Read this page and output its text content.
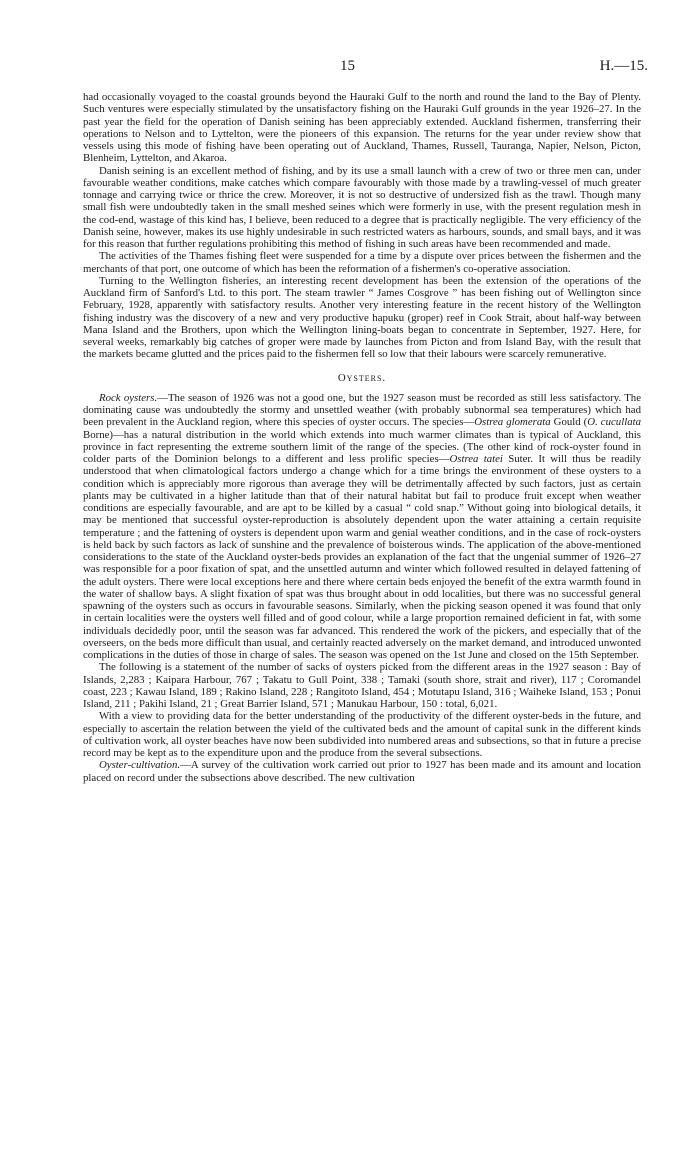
15	H.—15.

had occasionally voyaged to the coastal grounds beyond the Hauraki Gulf to the north and round the land to the Bay of Plenty. Such ventures were especially stimulated by the unsatisfactory fishing on the Hauraki Gulf grounds in the year 1926–27. In the past year the field for the operation of Danish seining has been appreciably extended. Auckland fishermen, transferring their operations to Nelson and to Lyttelton, were the pioneers of this expansion. The returns for the year under review show that vessels using this mode of fishing have been operating out of Auckland, Thames, Russell, Tauranga, Napier, Nelson, Picton, Blenheim, Lyttelton, and Akaroa.

Danish seining is an excellent method of fishing, and by its use a small launch with a crew of two or three men can, under favourable weather conditions, make catches which compare favourably with those made by a trawling-vessel of much greater tonnage and carrying twice or thrice the crew. Moreover, it is not so destructive of undersized fish as the trawl. Though many small fish were undoubtedly taken in the small meshed seines which were formerly in use, with the present regulation mesh in the cod-end, wastage of this kind has, I believe, been reduced to a degree that is practically negligible. The very efficiency of the Danish seine, however, makes its use highly undesirable in such restricted waters as harbours, sounds, and small bays, and it was for this reason that further regulations prohibiting this method of fishing in such areas have been recommended and made.

The activities of the Thames fishing fleet were suspended for a time by a dispute over prices between the fishermen and the merchants of that port, one outcome of which has been the reformation of a fishermen's co-operative association.

Turning to the Wellington fisheries, an interesting recent development has been the extension of the operations of the Auckland firm of Sanford's Ltd. to this port. The steam trawler “ James Cosgrove ” has been fishing out of Wellington since February, 1928, apparently with satisfactory results. Another very interesting feature in the recent history of the Wellington fishing industry was the discovery of a new and very productive hapuku (groper) reef in Cook Strait, about half-way between Mana Island and the Brothers, upon which the Wellington lining-boats began to concentrate in September, 1927. Here, for several weeks, remarkably big catches of groper were made by launches from Picton and from Island Bay, with the result that the markets became glutted and the prices paid to the fishermen fell so low that their labours were scarcely remunerative.

Oysters.

Rock oysters.—The season of 1926 was not a good one, but the 1927 season must be recorded as still less satisfactory. The dominating cause was undoubtedly the stormy and unsettled weather (with probably subnormal sea temperatures) which had been prevalent in the Auckland region, where this species of oyster occurs. The species—Ostrea glomerata Gould (O. cucullata Borne)—has a natural distribution in the world which extends into much warmer climates than is typical of Auckland, this province in fact representing the extreme southern limit of the range of the species. (The other kind of rock-oyster found in colder parts of the Dominion belongs to a different and less prolific species—Ostrea tatei Suter. It will thus be readily understood that when climatological factors undergo a change which for a time brings the environment of these oysters to a condition which is appreciably more rigorous than average they will be detrimentally affected by such factors, just as certain plants may be cultivated in a higher latitude than that of their natural habitat but fail to produce fruit except when weather conditions are especially favourable, and are apt to be killed by a casual “ cold snap.” Without going into biological details, it may be mentioned that successful oyster-reproduction is absolutely dependent upon the water attaining a certain requisite temperature ; and the fattening of oysters is dependent upon warm and genial weather conditions, and in the case of rock-oysters is held back by such factors as lack of sunshine and the prevalence of boisterous winds. The application of the above-mentioned considerations to the state of the Auckland oyster-beds provides an explanation of the fact that the ungenial summer of 1926–27 was responsible for a poor fixation of spat, and the unsettled autumn and winter which followed resulted in delayed fattening of the adult oysters. There were local exceptions here and there where certain beds enjoyed the benefit of the extra warmth found in the water of shallow bays. A slight fixation of spat was thus brought about in odd localities, but there was no successful general spawning of the oysters such as occurs in favourable seasons. Similarly, when the picking season opened it was found that only in certain localities were the oysters well filled and of good colour, while a large proportion remained deficient in fat, with some individuals decidedly poor, until the season was far advanced. This rendered the work of the pickers, and especially that of the overseers, on the beds more difficult than usual, and certainly reacted adversely on the market demand, and introduced unwonted complications in the duties of those in charge of sales. The season was opened on the 1st June and closed on the 15th September.

The following is a statement of the number of sacks of oysters picked from the different areas in the 1927 season : Bay of Islands, 2,283 ; Kaipara Harbour, 767 ; Takatu to Gull Point, 338 ; Tamaki (south shore, strait and river), 117 ; Coromandel coast, 223 ; Kawau Island, 189 ; Rakino Island, 228 ; Rangitoto Island, 454 ; Motutapu Island, 316 ; Waiheke Island, 153 ; Ponui Island, 211 ; Pakihi Island, 21 ; Great Barrier Island, 571 ; Manukau Harbour, 150 : total, 6,021.

With a view to providing data for the better understanding of the productivity of the different oyster-beds in the future, and especially to ascertain the relation between the yield of the cultivated beds and the amount of capital sunk in the different kinds of cultivation work, all oyster beaches have now been subdivided into numbered areas and subsections, so that in future a precise record may be kept as to the expenditure upon and the produce from the several subsections.

Oyster-cultivation.—A survey of the cultivation work carried out prior to 1927 has been made and its amount and location placed on record under the subsections above described. The new cultivation
